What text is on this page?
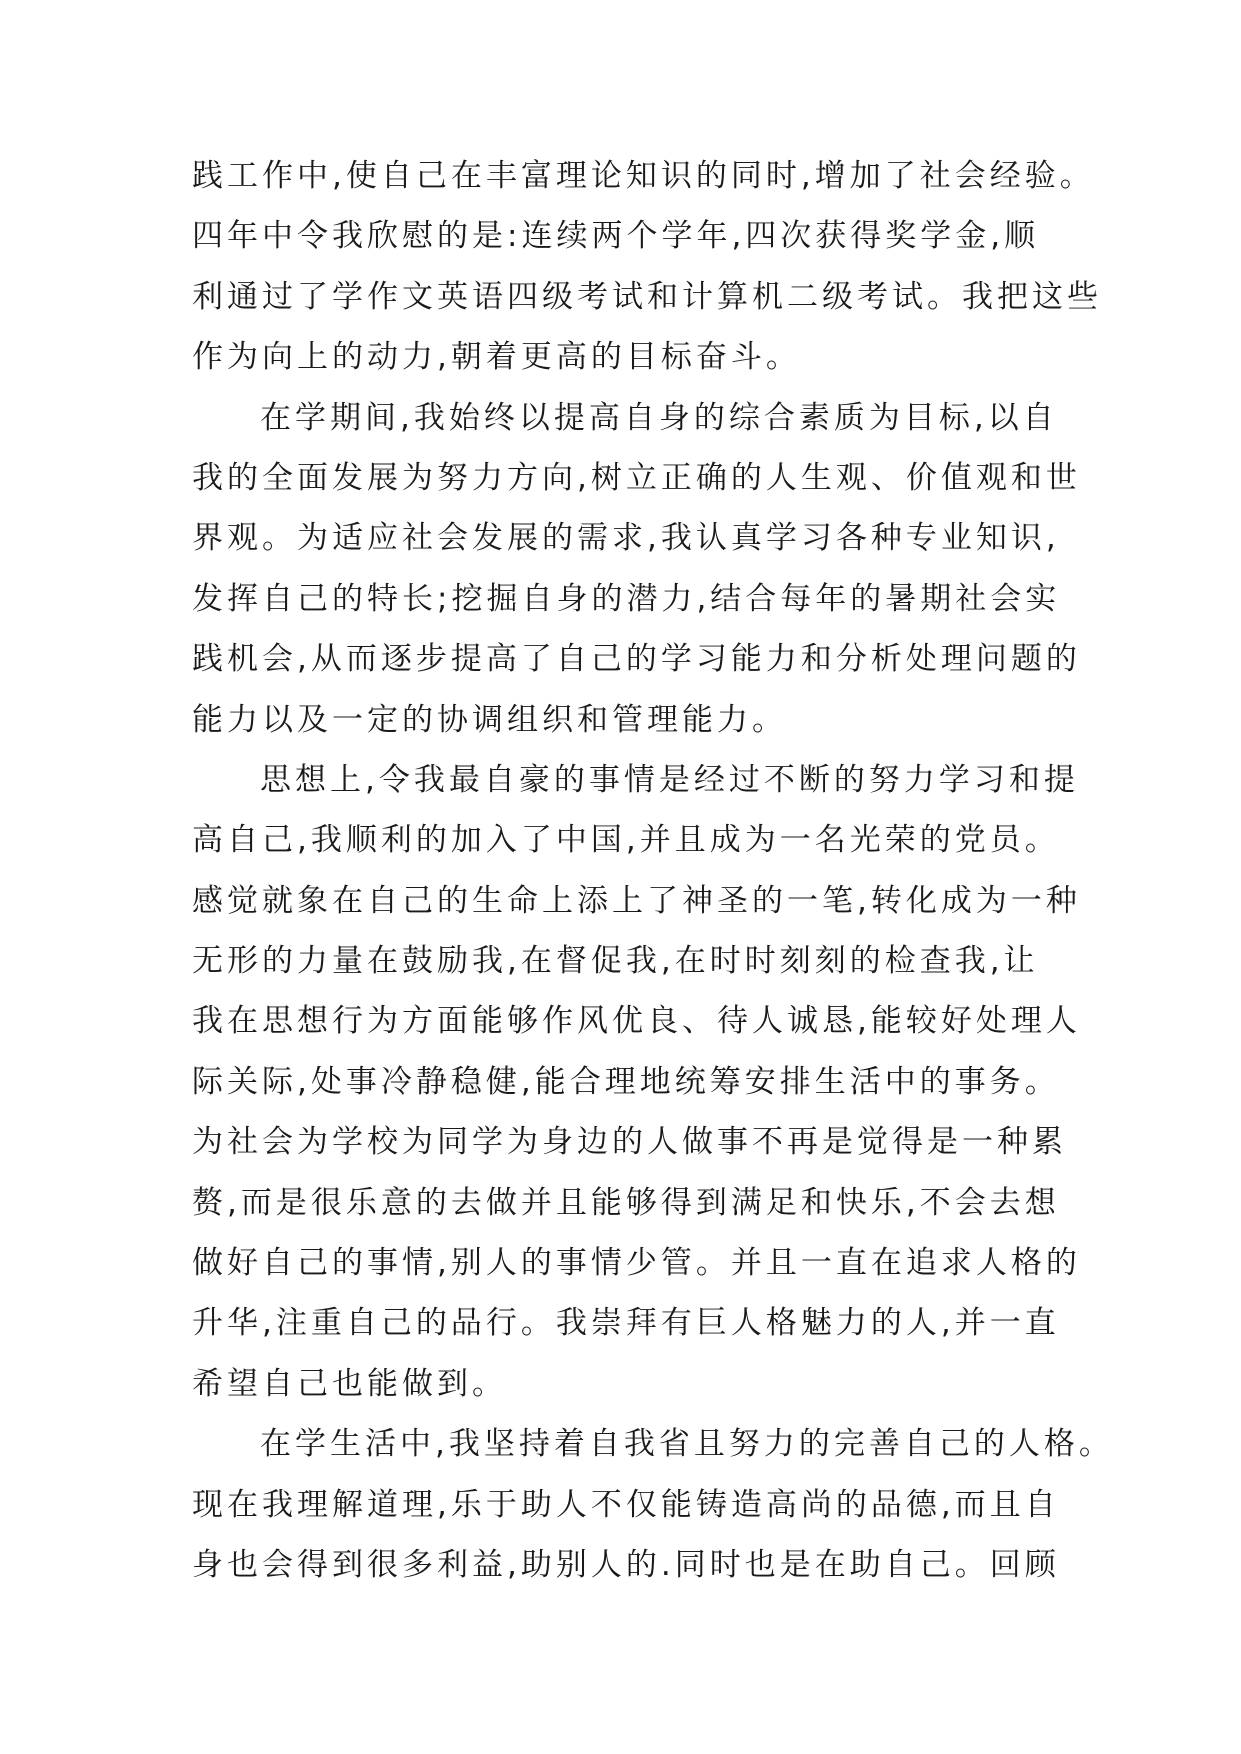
践工作中,使自己在丰富理论知识的同时,增加了社会经验。
四年中令我欣慰的是:连续两个学年,四次获得奖学金,顺
利通过了学作文英语四级考试和计算机二级考试。我把这些
作为向上的动力,朝着更高的目标奋斗。
在学期间,我始终以提高自身的综合素质为目标,以自
我的全面发展为努力方向,树立正确的人生观、价值观和世
界观。为适应社会发展的需求,我认真学习各种专业知识,
发挥自己的特长;挖掘自身的潜力,结合每年的暑期社会实
践机会,从而逐步提高了自己的学习能力和分析处理问题的
能力以及一定的协调组织和管理能力。
思想上,令我最自豪的事情是经过不断的努力学习和提
高自己,我顺利的加入了中国,并且成为一名光荣的党员。
感觉就象在自己的生命上添上了神圣的一笔,转化成为一种
无形的力量在鼓励我,在督促我,在时时刻刻的检查我,让
我在思想行为方面能够作风优良、待人诚恳,能较好处理人
际关际,处事冷静稳健,能合理地统筹安排生活中的事务。
为社会为学校为同学为身边的人做事不再是觉得是一种累
赘,而是很乐意的去做并且能够得到满足和快乐,不会去想
做好自己的事情,别人的事情少管。并且一直在追求人格的
升华,注重自己的品行。我崇拜有巨人格魅力的人,并一直
希望自己也能做到。
在学生活中,我坚持着自我省且努力的完善自己的人格。
现在我理解道理,乐于助人不仅能铸造高尚的品德,而且自
身也会得到很多利益,助别人的.同时也是在助自己。回顾
